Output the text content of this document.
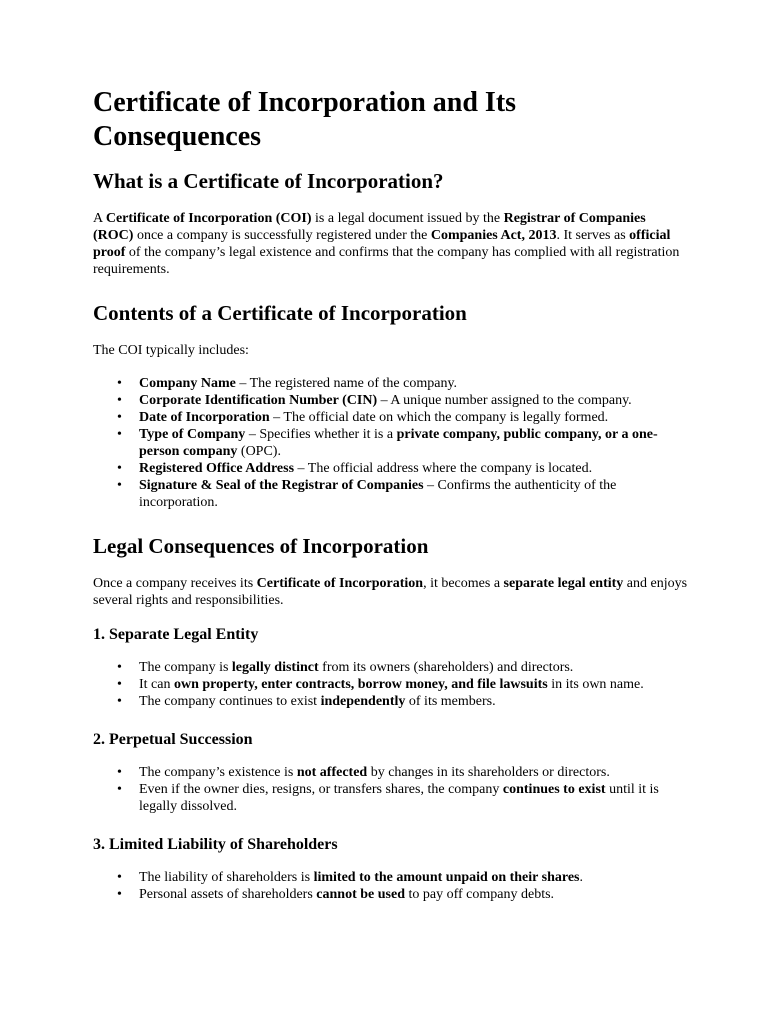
Certificate of Incorporation and Its Consequences
What is a Certificate of Incorporation?

A Certificate of Incorporation (COI) is a legal document issued by the Registrar of Companies (ROC) once a company is successfully registered under the Companies Act, 2013. It serves as official proof of the company’s legal existence and confirms that the company has complied with all registration requirements.

Contents of a Certificate of Incorporation

The COI typically includes:

• Company Name – The registered name of the company.
• Corporate Identification Number (CIN) – A unique number assigned to the company.
• Date of Incorporation – The official date on which the company is legally formed.
• Type of Company – Specifies whether it is a private company, public company, or a one-person company (OPC).
• Registered Office Address – The official address where the company is located.
• Signature & Seal of the Registrar of Companies – Confirms the authenticity of the incorporation.
Legal Consequences of Incorporation

Once a company receives its Certificate of Incorporation, it becomes a separate legal entity and enjoys several rights and responsibilities.

1. Separate Legal Entity
• The company is legally distinct from its owners (shareholders) and directors.
• It can own property, enter contracts, borrow money, and file lawsuits in its own name.
• The company continues to exist independently of its members.
2. Perpetual Succession
• The company’s existence is not affected by changes in its shareholders or directors.
• Even if the owner dies, resigns, or transfers shares, the company continues to exist until it is legally dissolved.
3. Limited Liability of Shareholders
• The liability of shareholders is limited to the amount unpaid on their shares.
• Personal assets of shareholders cannot be used to pay off company debts.
